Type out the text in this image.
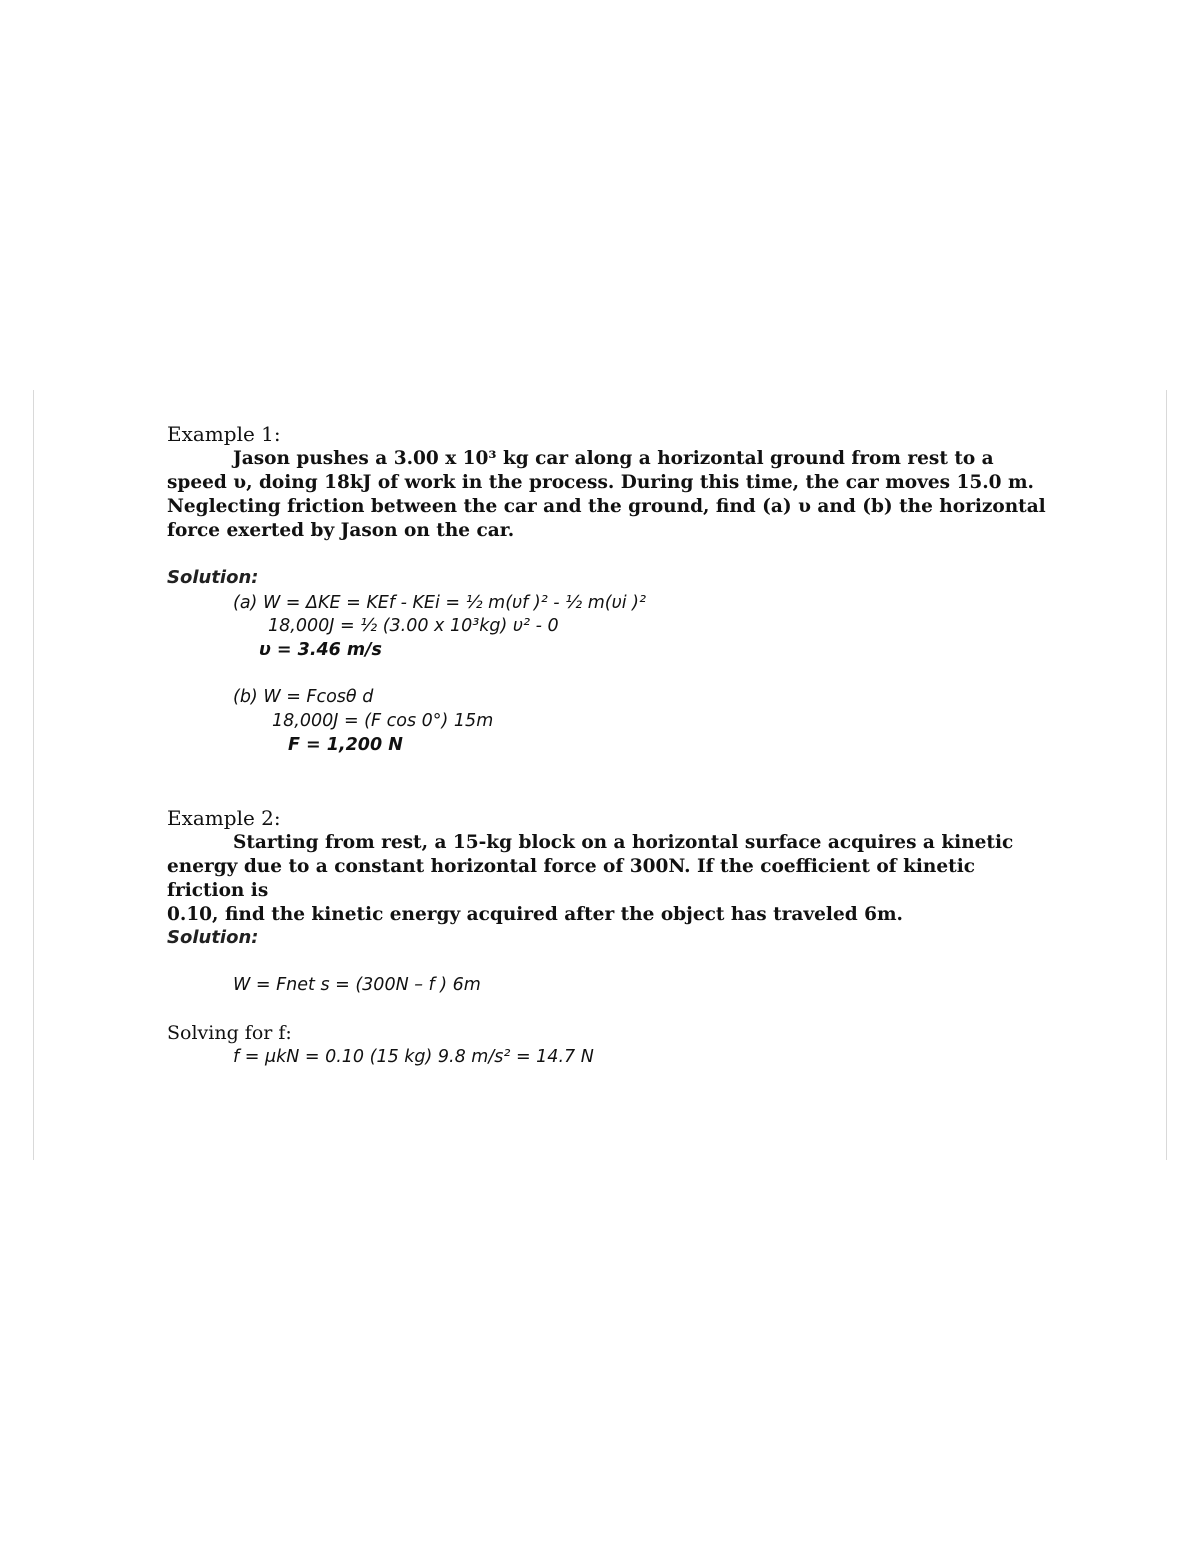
Example 1:
Jason pushes a 3.00 x 10³ kg car along a horizontal ground from rest to a
speed υ, doing 18kJ of work in the process. During this time, the car moves 15.0 m.
Neglecting friction between the car and the ground, find (a) υ and (b) the horizontal
force exerted by Jason on the car.
Solution:
(a) W = ΔKE = KEf - KEi = ½ m(υf )² - ½ m(υi )²
18,000J = ½ (3.00 x 10³kg) υ² - 0
υ = 3.46 m/s
(b) W = Fcosθ d
18,000J = (F cos 0°) 15m
F = 1,200 N
Example 2:
Starting from rest, a 15-kg block on a horizontal surface acquires a kinetic
energy due to a constant horizontal force of 300N. If the coefficient of kinetic friction is
0.10, find the kinetic energy acquired after the object has traveled 6m.
Solution:
W = Fnet s = (300N – f ) 6m
Solving for f:
f = μkN = 0.10 (15 kg) 9.8 m/s² = 14.7 N
